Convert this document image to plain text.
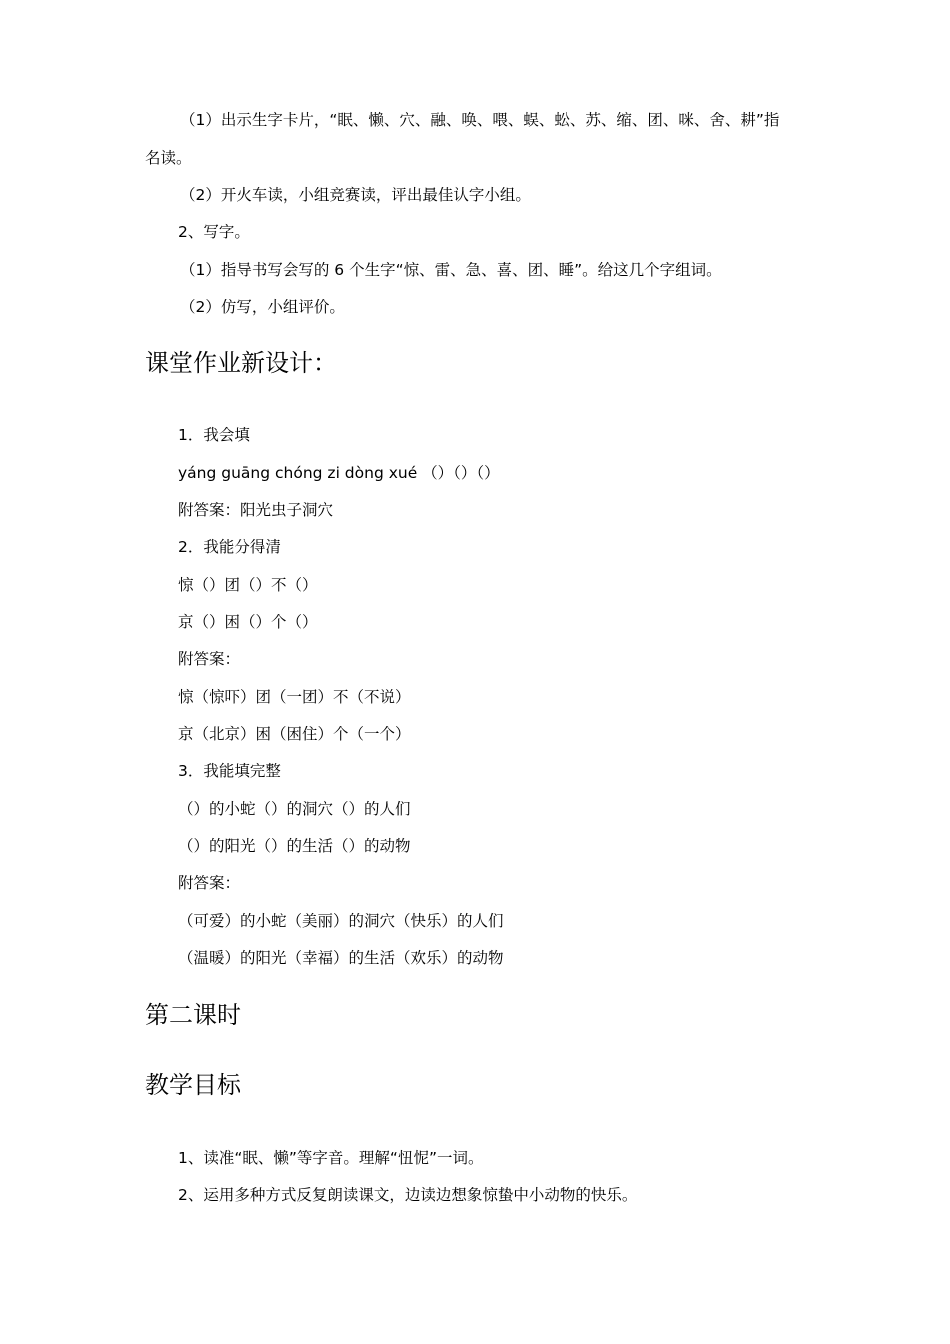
（1）出示生字卡片，“眠、懒、穴、融、唤、喂、蜈、蚣、苏、缩、团、咪、舍、耕”指
名读。
（2）开火车读，小组竞赛读，评出最佳认字小组。
2、写字。
（1）指导书写会写的 6 个生字“惊、雷、急、喜、团、睡”。给这几个字组词。
（2）仿写，小组评价。
课堂作业新设计：
1．我会填
yáng guāng chóng zi dòng xué （）（）（）
附答案：阳光虫子洞穴
2．我能分得清
惊（）团（）不（）
京（）困（）个（）
附答案：
惊（惊吓）团（一团）不（不说）
京（北京）困（困住）个（一个）
3．我能填完整
（）的小蛇（）的洞穴（）的人们
（）的阳光（）的生活（）的动物
附答案：
（可爱）的小蛇（美丽）的洞穴（快乐）的人们
（温暖）的阳光（幸福）的生活（欢乐）的动物
第二课时
教学目标
1、读准“眠、懒”等字音。理解“忸怩”一词。
2、运用多种方式反复朗读课文，边读边想象惊蛰中小动物的快乐。
